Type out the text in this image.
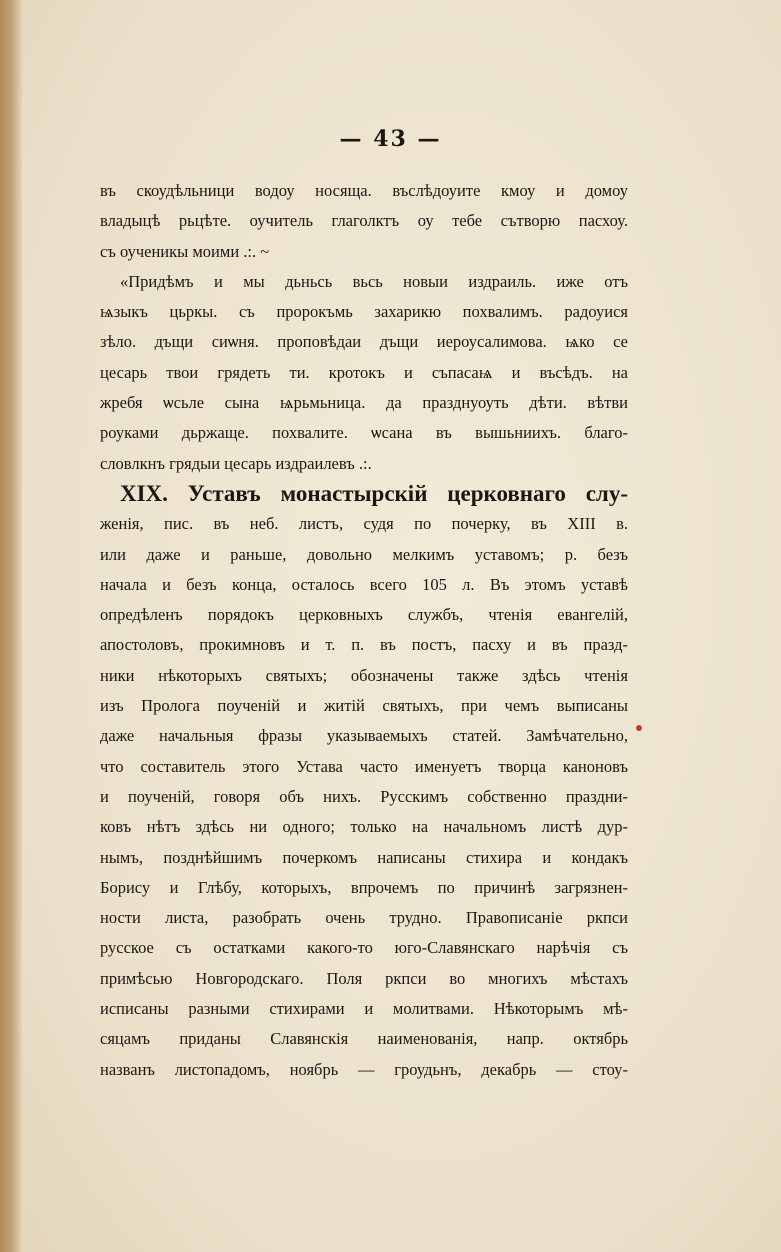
— 43 —
въ скоудѣльници водоу носяща. въслѣдоуите кмоу и домоу
владыцѣ рьцѣте. оучитель глаголктъ оу тебе сътворю пасхоу.
съ оученикы моими .:. ~
«Придѣмъ и мы дьньсь вьсь новыи издраиль. иже отъ
ѩзыкъ цьркы. съ пророкъмь захарикю похвалимъ. радоуися
зѣло. дъщи сиѡня. проповѣдаи дъщи иероусалимова. ѩко се
цесарь твои грядеть ти. кротокъ и съпасаѩ и въсѣдъ. на
жребя ѡсьле сына ѩрьмьница. да празднуоуть дѣти. вѣтви
роуками дьржаще. похвалите. ѡсана въ вышьниихъ. благо-
словлкнъ грядыи цесарь издраилевъ .:.
XIX. Уставъ монастырскій церковнаго слу-
женія, пис. въ неб. листъ, судя по почерку, въ XIII в.
или даже и раньше, довольно мелкимъ уставомъ; р. безъ
начала и безъ конца, осталось всего 105 л. Въ этомъ уставѣ
опредѣленъ порядокъ церковныхъ службъ, чтенія евангелій,
апостоловъ, прокимновъ и т. п. въ постъ, пасху и въ празд-
ники нѣкоторыхъ святыхъ; обозначены также здѣсь чтенія
изъ Пролога поученій и житій святыхъ, при чемъ выписаны
даже начальныя фразы указываемыхъ статей. Замѣчательно,
что составитель этого Устава часто именуетъ творца каноновъ
и поученій, говоря объ нихъ. Русскимъ собственно праздни-
ковъ нѣтъ здѣсь ни одного; только на начальномъ листѣ дур-
нымъ, позднѣйшимъ почеркомъ написаны стихира и кондакъ
Борису и Глѣбу, которыхъ, впрочемъ по причинѣ загрязнен-
ности листа, разобрать очень трудно. Правописаніе ркпси
русское съ остатками какого-то юго-Славянскаго нарѣчія съ
примѣсью Новгородскаго. Поля ркпси во многихъ мѣстахъ
исписаны разными стихирами и молитвами. Нѣкоторымъ мѣ-
сяцамъ приданы Славянскія наименованія, напр. октябрь
названъ листопадомъ, ноябрь — гроудьнъ, декабрь — стоу-
